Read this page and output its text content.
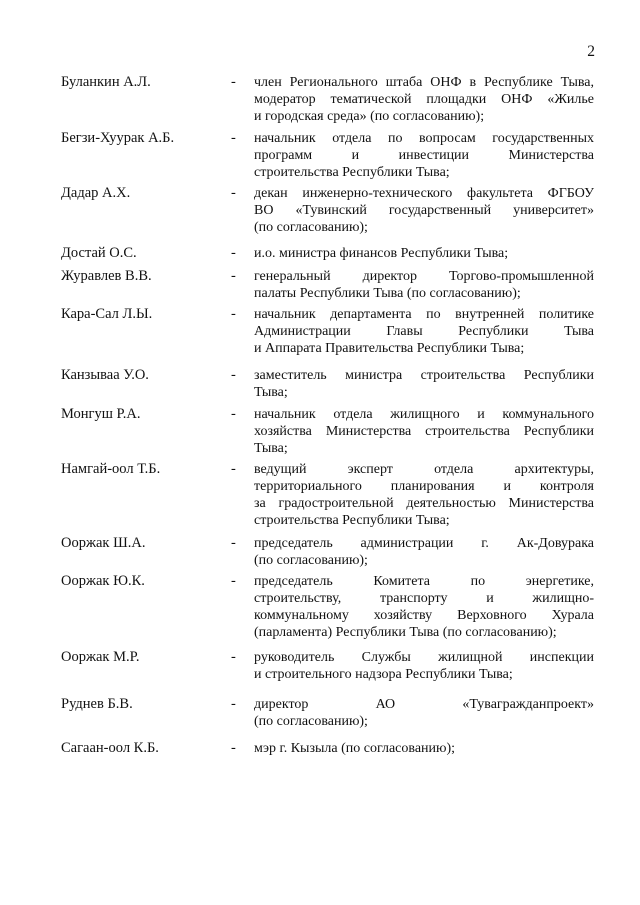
2
Буланкин А.Л.	-	член Регионального штаба ОНФ в Республике Тыва,
модератор тематической площадки ОНФ «Жилье
и городская среда» (по согласованию);
Бегзи-Хуурак А.Б.	-	начальник отдела по вопросам государственных
программ и инвестиции Министерства
строительства Республики Тыва;
Дадар А.Х.	-	декан инженерно-технического факультета ФГБОУ
ВО «Тувинский государственный университет»
(по согласованию);
Достай О.С.	-	и.о. министра финансов Республики Тыва;
Журавлев В.В.	-	генеральный директор Торгово-промышленной
палаты Республики Тыва (по согласованию);
Кара-Сал Л.Ы.	-	начальник департамента по внутренней политике
Администрации Главы Республики Тыва
и Аппарата Правительства Республики Тыва;
Канзываа У.О.	-	заместитель министра строительства Республики
Тыва;
Монгуш Р.А.	-	начальник отдела жилищного и коммунального
хозяйства Министерства строительства Республики
Тыва;
Намгай-оол Т.Б.	-	ведущий эксперт отдела архитектуры,
территориального планирования и контроля
за градостроительной деятельностью Министерства
строительства Республики Тыва;
Ооржак Ш.А.	-	председатель администрации г. Ак-Довурака
(по согласованию);
Ооржак Ю.К.	-	председатель Комитета по энергетике,
строительству, транспорту и жилищно-
коммунальному хозяйству Верховного Хурала
(парламента) Республики Тыва (по согласованию);
Ооржак М.Р.	-	руководитель Службы жилищной инспекции
и строительного надзора Республики Тыва;
Руднев Б.В.	-	директор АО «Тувагражданпроект»
(по согласованию);
Сагаан-оол К.Б.	-	мэр г. Кызыла (по согласованию);
